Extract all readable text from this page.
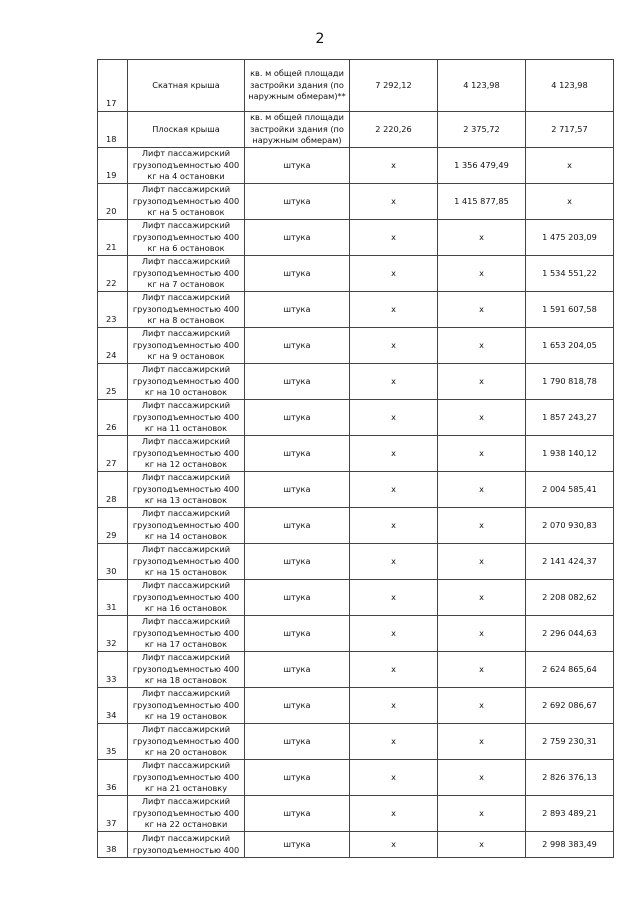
2
17	Скатная крыша	кв. м общей площади застройки здания (по наружным обмерам)**	7 292,12	4 123,98	4 123,98
18	Плоская крыша	кв. м общей площади застройки здания (по наружным обмерам)	2 220,26	2 375,72	2 717,57
19	Лифт пассажирский грузоподъемностью 400 кг на 4 остановки	штука	х	1 356 479,49	х
20	Лифт пассажирский грузоподъемностью 400 кг на 5 остановок	штука	х	1 415 877,85	х
21	Лифт пассажирский грузоподъемностью 400 кг на 6 остановок	штука	х	х	1 475 203,09
22	Лифт пассажирский грузоподъемностью 400 кг на 7 остановок	штука	х	х	1 534 551,22
23	Лифт пассажирский грузоподъемностью 400 кг на 8 остановок	штука	х	х	1 591 607,58
24	Лифт пассажирский грузоподъемностью 400 кг на 9 остановок	штука	х	х	1 653 204,05
25	Лифт пассажирский грузоподъемностью 400 кг на 10 остановок	штука	х	х	1 790 818,78
26	Лифт пассажирский грузоподъемностью 400 кг на 11 остановок	штука	х	х	1 857 243,27
27	Лифт пассажирский грузоподъемностью 400 кг на 12 остановок	штука	х	х	1 938 140,12
28	Лифт пассажирский грузоподъемностью 400 кг на 13 остановок	штука	х	х	2 004 585,41
29	Лифт пассажирский грузоподъемностью 400 кг на 14 остановок	штука	х	х	2 070 930,83
30	Лифт пассажирский грузоподъемностью 400 кг на 15 остановок	штука	х	х	2 141 424,37
31	Лифт пассажирский грузоподъемностью 400 кг на 16 остановок	штука	х	х	2 208 082,62
32	Лифт пассажирский грузоподъемностью 400 кг на 17 остановок	штука	х	х	2 296 044,63
33	Лифт пассажирский грузоподъемностью 400 кг на 18 остановок	штука	х	х	2 624 865,64
34	Лифт пассажирский грузоподъемностью 400 кг на 19 остановок	штука	х	х	2 692 086,67
35	Лифт пассажирский грузоподъемностью 400 кг на 20 остановок	штука	х	х	2 759 230,31
36	Лифт пассажирский грузоподъемностью 400 кг на 21 остановку	штука	х	х	2 826 376,13
37	Лифт пассажирский грузоподъемностью 400 кг на 22 остановки	штука	х	х	2 893 489,21
38	Лифт пассажирский грузоподъемностью 400	штука	х	х	2 998 383,49
